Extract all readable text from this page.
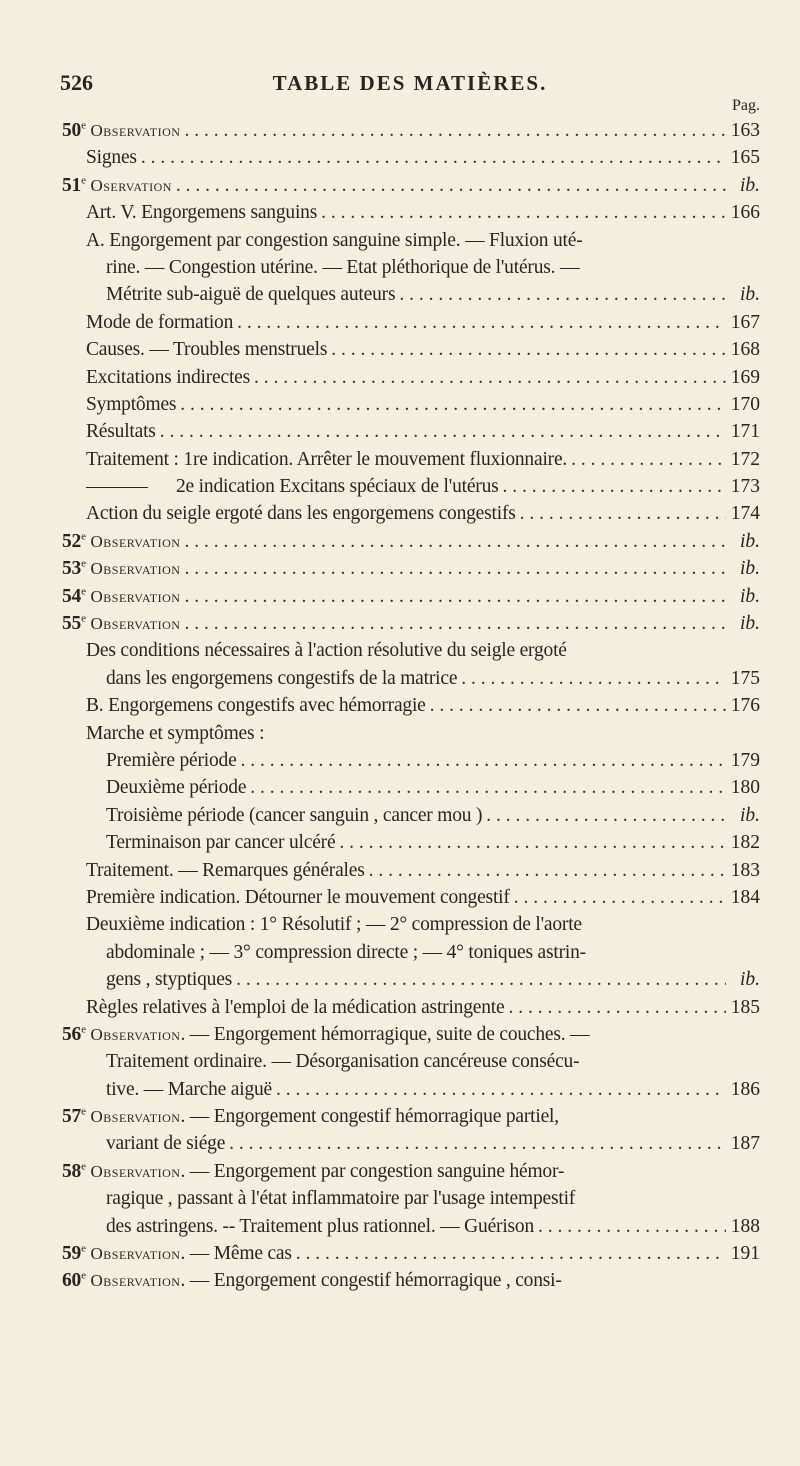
526	TABLE DES MATIÈRES.
Pag.
50e Observation . . .	163
Signes . . .	165
51e Oservation . . .	ib.
Art. V. Engorgemens sanguins . . .	166
A. Engorgement par congestion sanguine simple. — Fluxion uté-
rine. — Congestion utérine. — Etat pléthorique de l'utérus. —
Métrite sub-aiguë de quelques auteurs . . .	ib.
Mode de formation . . .	167
Causes. — Troubles menstruels . . .	168
Excitations indirectes . . .	169
Symptômes . . .	170
Résultats . . .	171
Traitement : 1re indication. Arrêter le mouvement fluxionnaire. . . .	172
2e indication Excitans spéciaux de l'utérus . . .	173
Action du seigle ergoté dans les engorgemens congestifs . . .	174
52e Observation . . .	ib.
53e Observation . . .	ib.
54e Observation . . .	ib.
55e Observation . . .	ib.
Des conditions nécessaires à l'action résolutive du seigle ergoté
dans les engorgemens congestifs de la matrice . . .	175
B. Engorgemens congestifs avec hémorragie . . .	176
Marche et symptômes :
Première période . . .	179
Deuxième période . . .	180
Troisième période (cancer sanguin , cancer mou ) . . .	ib.
Terminaison par cancer ulcéré . . .	182
Traitement. — Remarques générales . . .	183
Première indication. Détourner le mouvement congestif . . .	184
Deuxième indication : 1° Résolutif ; — 2° compression de l'aorte
abdominale ; — 3° compression directe ; — 4° toniques astrin-
gens , styptiques . . .	ib.
Règles relatives à l'emploi de la médication astringente . . .	185
56e Observation. — Engorgement hémorragique, suite de couches. —
Traitement ordinaire. — Désorganisation cancéreuse consécu-
tive. — Marche aiguë . . .	186
57e Observation. — Engorgement congestif hémorragique partiel,
variant de siége . . .	187
58e Observation. — Engorgement par congestion sanguine hémor-
ragique , passant à l'état inflammatoire par l'usage intempestif
des astringens. -- Traitement plus rationnel. — Guérison . . .	188
59e Observation. — Même cas . . .	191
60e Observation. — Engorgement congestif hémorragique , consi-
